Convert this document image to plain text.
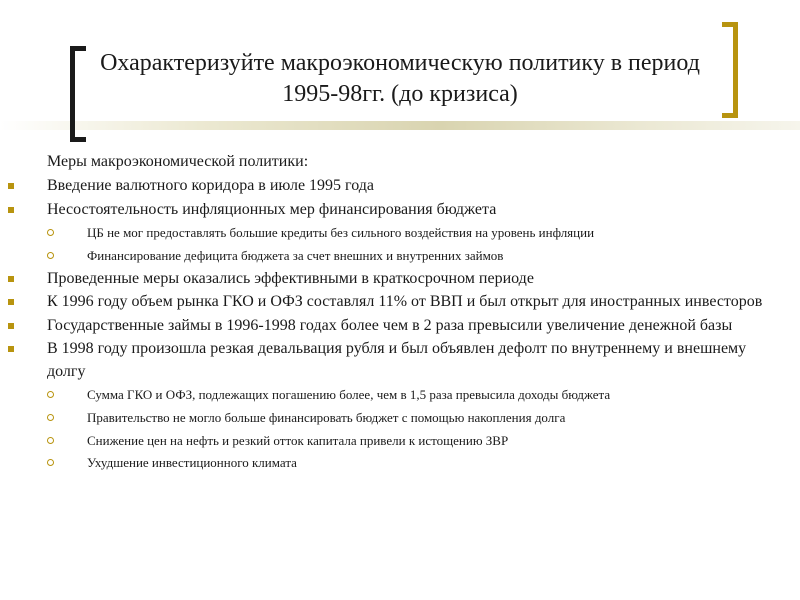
Охарактеризуйте макроэкономическую политику в период 1995-98гг. (до кризиса)
Меры макроэкономической политики:
Введение валютного коридора в июле 1995 года
Несостоятельность инфляционных мер финансирования бюджета
ЦБ не мог предоставлять большие кредиты без сильного воздействия на уровень инфляции
Финансирование дефицита бюджета за счет внешних и внутренних займов
Проведенные меры оказались эффективными в краткосрочном периоде
К 1996 году объем рынка ГКО и ОФЗ составлял 11% от ВВП и был открыт для иностранных инвесторов
Государственные займы в 1996-1998 годах более чем в 2 раза превысили увеличение денежной базы
В 1998 году произошла резкая девальвация рубля и был объявлен дефолт по внутреннему и внешнему долгу
Сумма ГКО и ОФЗ, подлежащих погашению более, чем в 1,5 раза превысила доходы бюджета
Правительство не могло больше финансировать бюджет с помощью накопления долга
Снижение цен на нефть и резкий отток капитала привели к истощению ЗВР
Ухудшение инвестиционного климата
